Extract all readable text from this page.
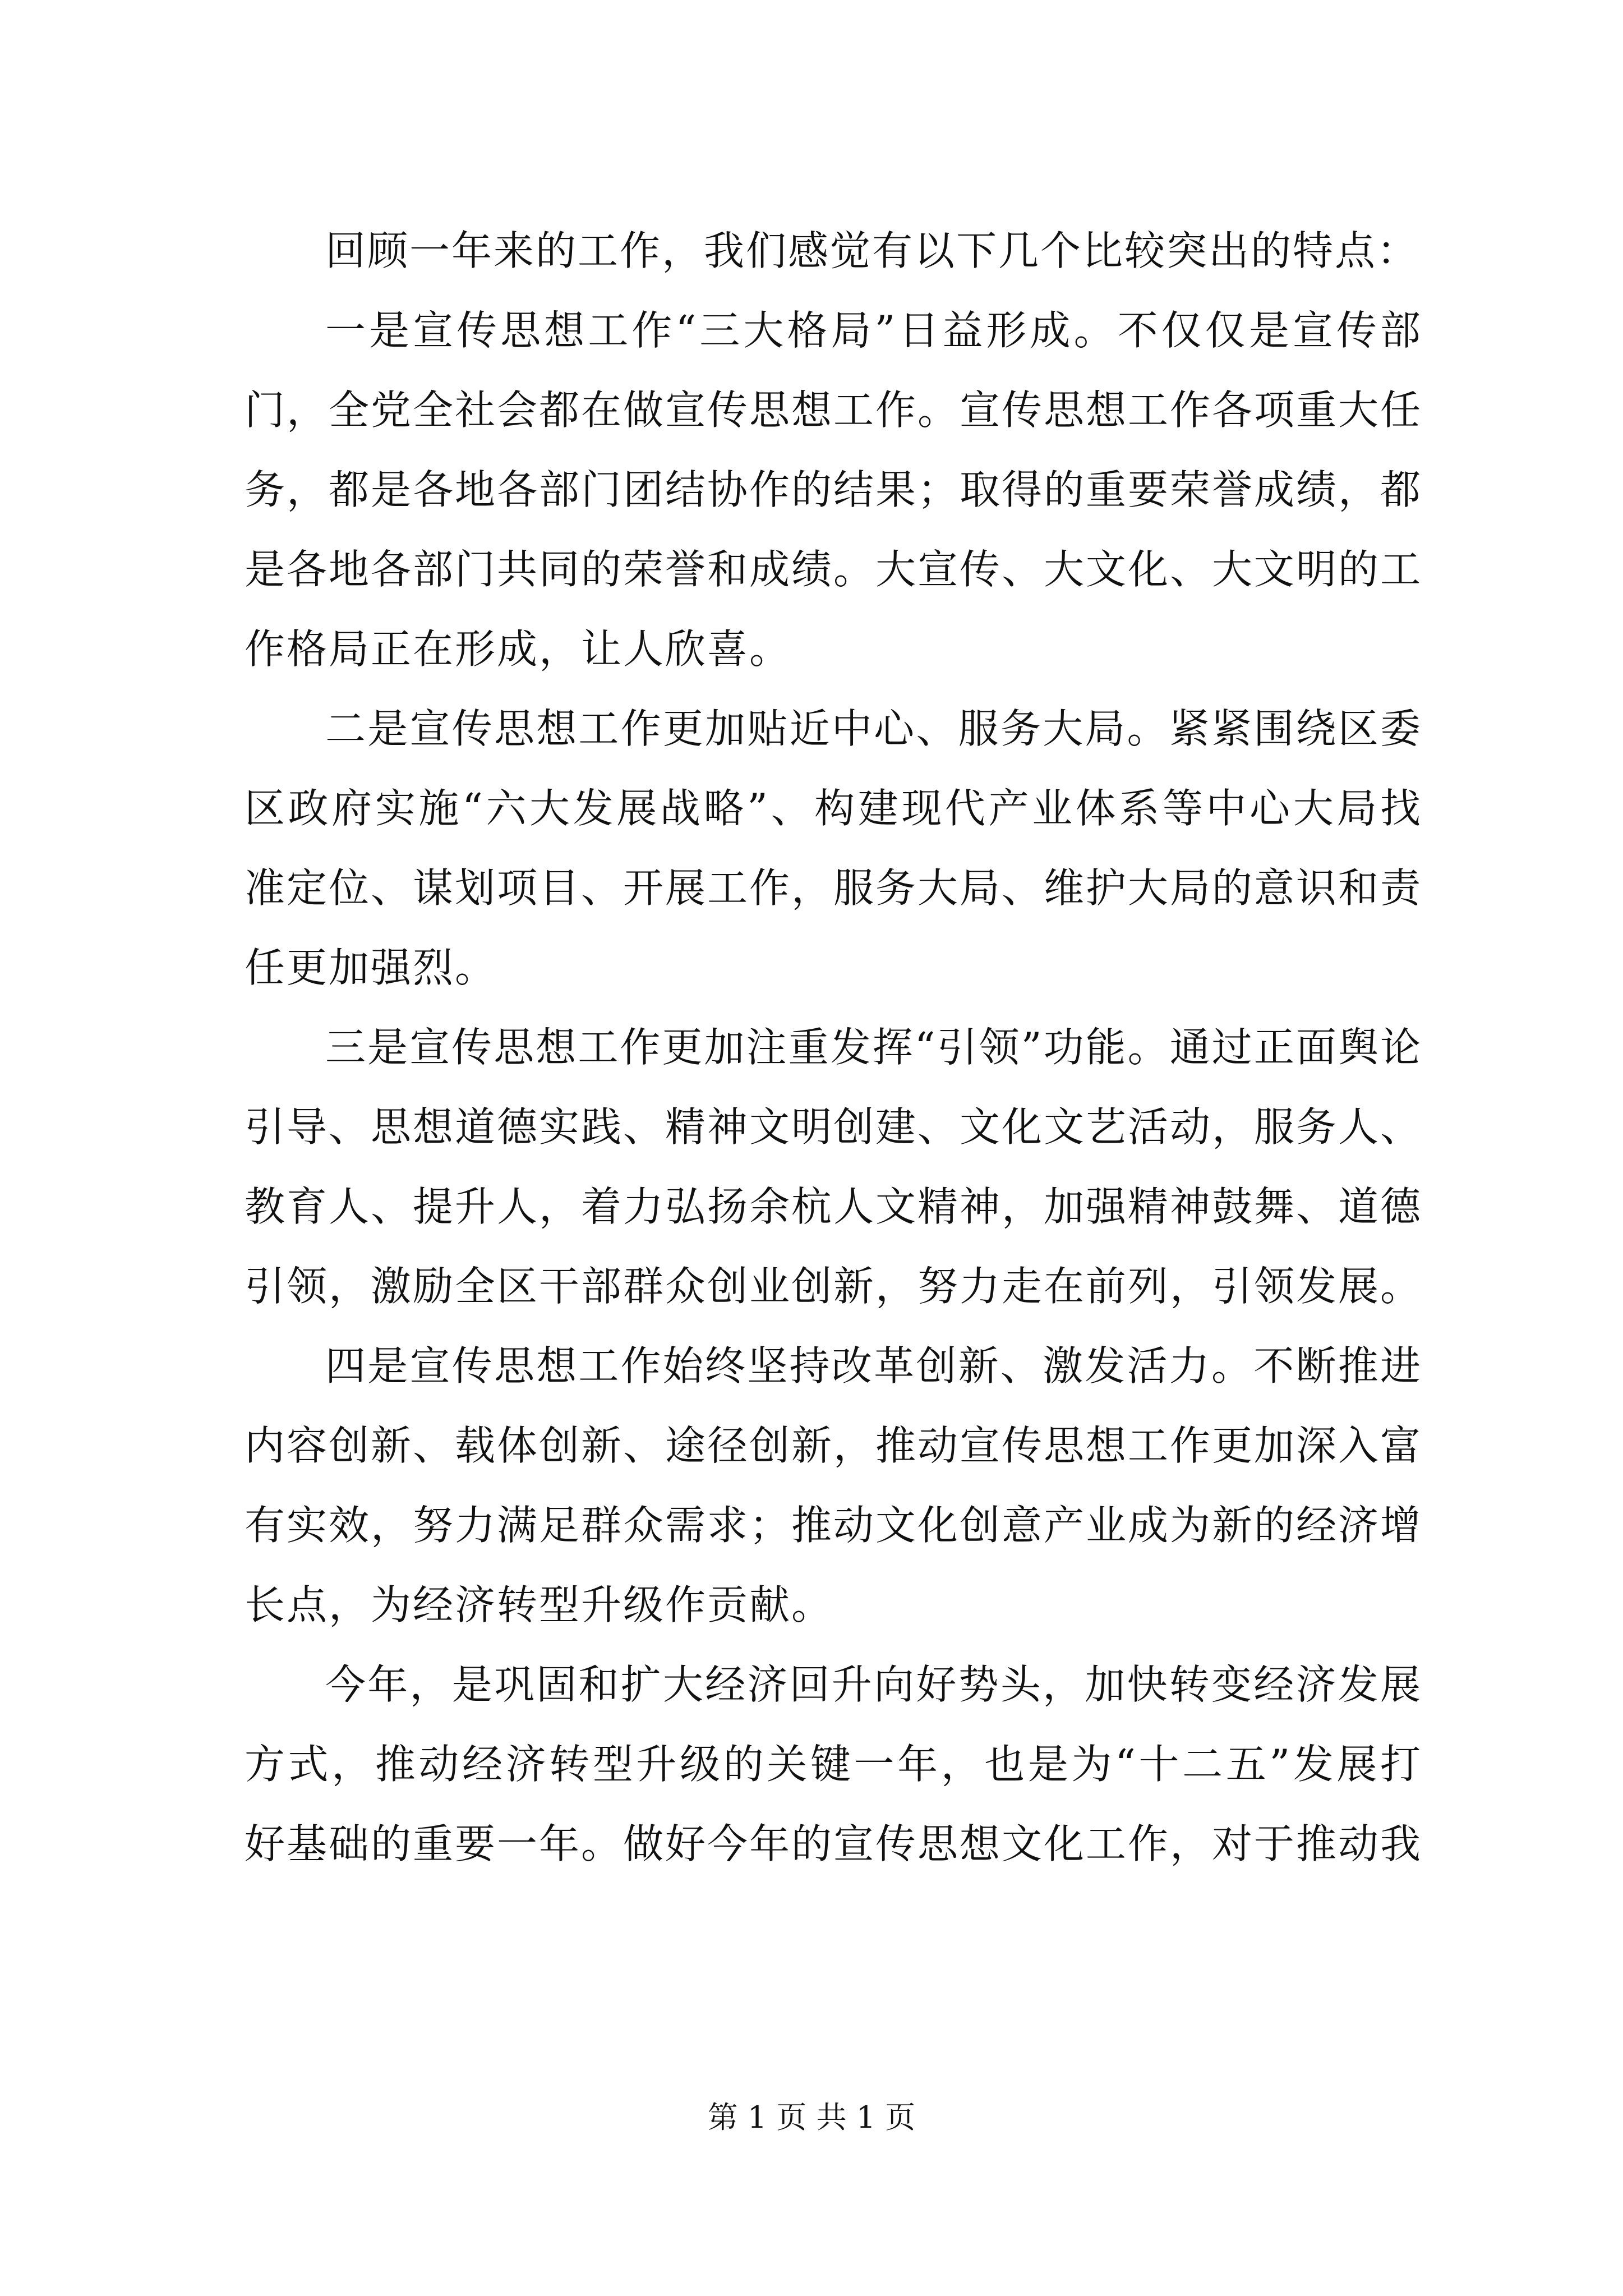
回顾一年来的工作，我们感觉有以下几个比较突出的特点：

一是宣传思想工作“三大格局”日益形成。不仅仅是宣传部门，全党全社会都在做宣传思想工作。宣传思想工作各项重大任务，都是各地各部门团结协作的结果；取得的重要荣誉成绩，都是各地各部门共同的荣誉和成绩。大宣传、大文化、大文明的工作格局正在形成，让人欣喜。

二是宣传思想工作更加贴近中心、服务大局。紧紧围绕区委区政府实施“六大发展战略”、构建现代产业体系等中心大局找准定位、谋划项目、开展工作，服务大局、维护大局的意识和责任更加强烈。

三是宣传思想工作更加注重发挥“引领”功能。通过正面舆论引导、思想道德实践、精神文明创建、文化文艺活动，服务人、教育人、提升人，着力弘扬余杭人文精神，加强精神鼓舞、道德引领，激励全区干部群众创业创新，努力走在前列，引领发展。

四是宣传思想工作始终坚持改革创新、激发活力。不断推进内容创新、载体创新、途径创新，推动宣传思想工作更加深入富有实效，努力满足群众需求；推动文化创意产业成为新的经济增长点，为经济转型升级作贡献。

今年，是巩固和扩大经济回升向好势头，加快转变经济发展方式，推动经济转型升级的关键一年，也是为“十二五”发展打好基础的重要一年。做好今年的宣传思想文化工作，对于推动我

第 1 页 共 1 页
